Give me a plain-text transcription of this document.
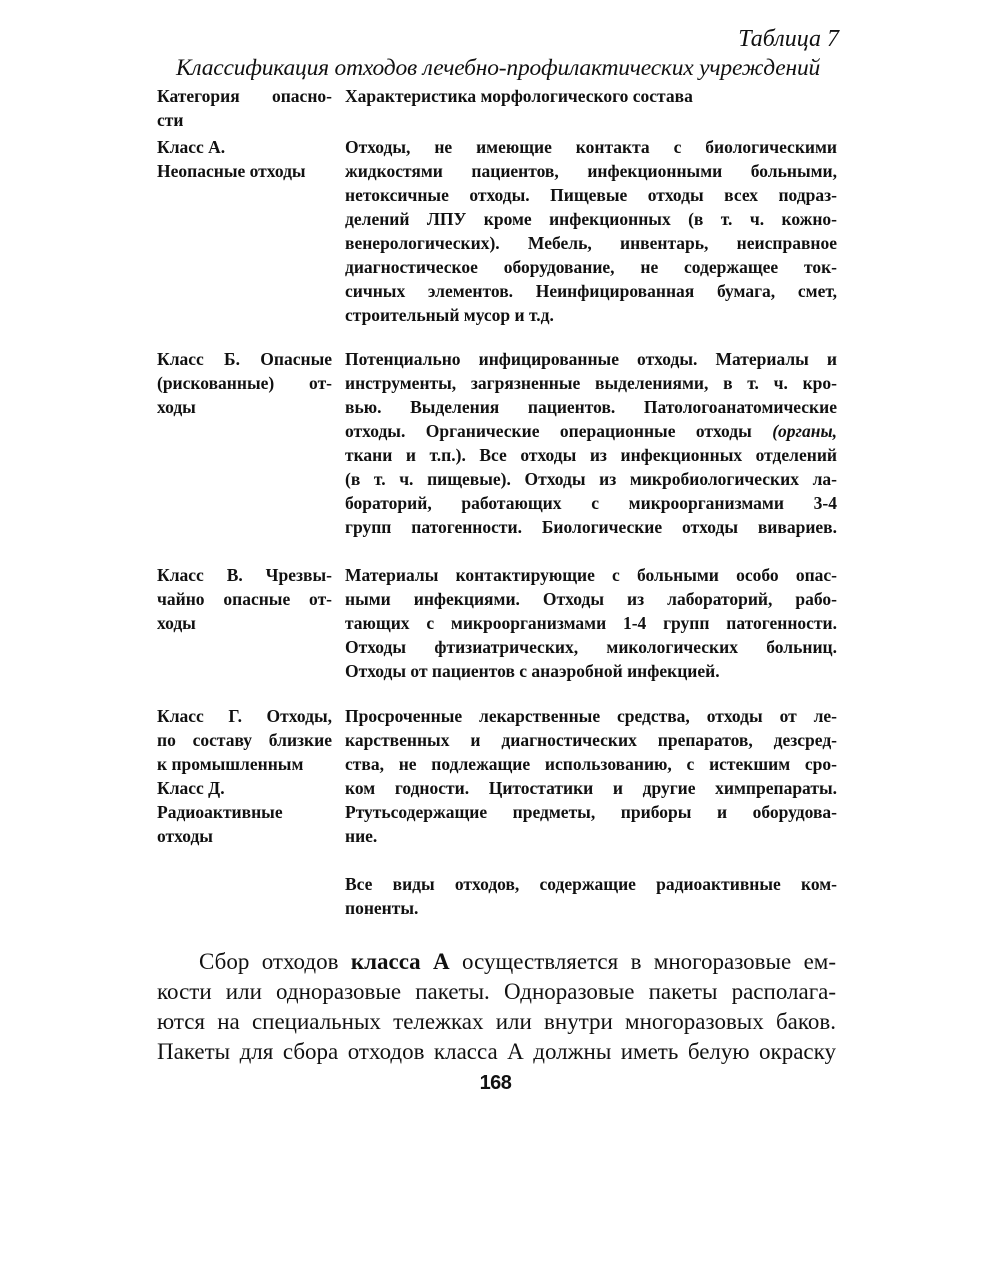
Таблица 7
Классификация отходов лечебно-профилактических учреждений
Категория опасно-
сти
Характеристика морфологического состава
Класс А.
Неопасные отходы
Отходы, не имеющие контакта с биологическими
жидкостями пациентов, инфекционными больными,
нетоксичные отходы. Пищевые отходы всех подраз-
делений ЛПУ кроме инфекционных (в т. ч. кожно-
венерологических). Мебель, инвентарь, неисправное
диагностическое оборудование, не содержащее ток-
сичных элементов. Неинфицированная бумага, смет,
строительный мусор и т.д.
Класс Б. Опасные
(рискованные) от-
ходы
Потенциально инфицированные отходы. Материалы и
инструменты, загрязненные выделениями, в т. ч. кро-
вью. Выделения пациентов. Патологоанатомические
отходы. Органические операционные отходы (органы,
ткани и т.п.). Все отходы из инфекционных отделений
(в т. ч. пищевые). Отходы из микробиологических ла-
бораторий, работающих с микроорганизмами 3-4
групп патогенности. Биологические отходы вивариев.
Класс В. Чрезвы-
чайно опасные от-
ходы
Материалы контактирующие с больными особо опас-
ными инфекциями. Отходы из лабораторий, рабо-
тающих с микроорганизмами 1-4 групп патогенности.
Отходы фтизиатрических, микологических больниц.
Отходы от пациентов с анаэробной инфекцией.
Класс Г. Отходы,
по составу близкие
к промышленным
Класс Д.
Радиоактивные
отходы
Просроченные лекарственные средства, отходы от ле-
карственных и диагностических препаратов, дезсред-
ства, не подлежащие использованию, с истекшим сро-
ком годности. Цитостатики и другие химпрепараты.
Ртутьсодержащие предметы, приборы и оборудова-
ние.
Все виды отходов, содержащие радиоактивные ком-
поненты.
Сбор отходов класса А осуществляется в многоразовые ем-
кости или одноразовые пакеты. Одноразовые пакеты располага-
ются на специальных тележках или внутри многоразовых баков.
Пакеты для сбора отходов класса А должны иметь белую окраску
168
